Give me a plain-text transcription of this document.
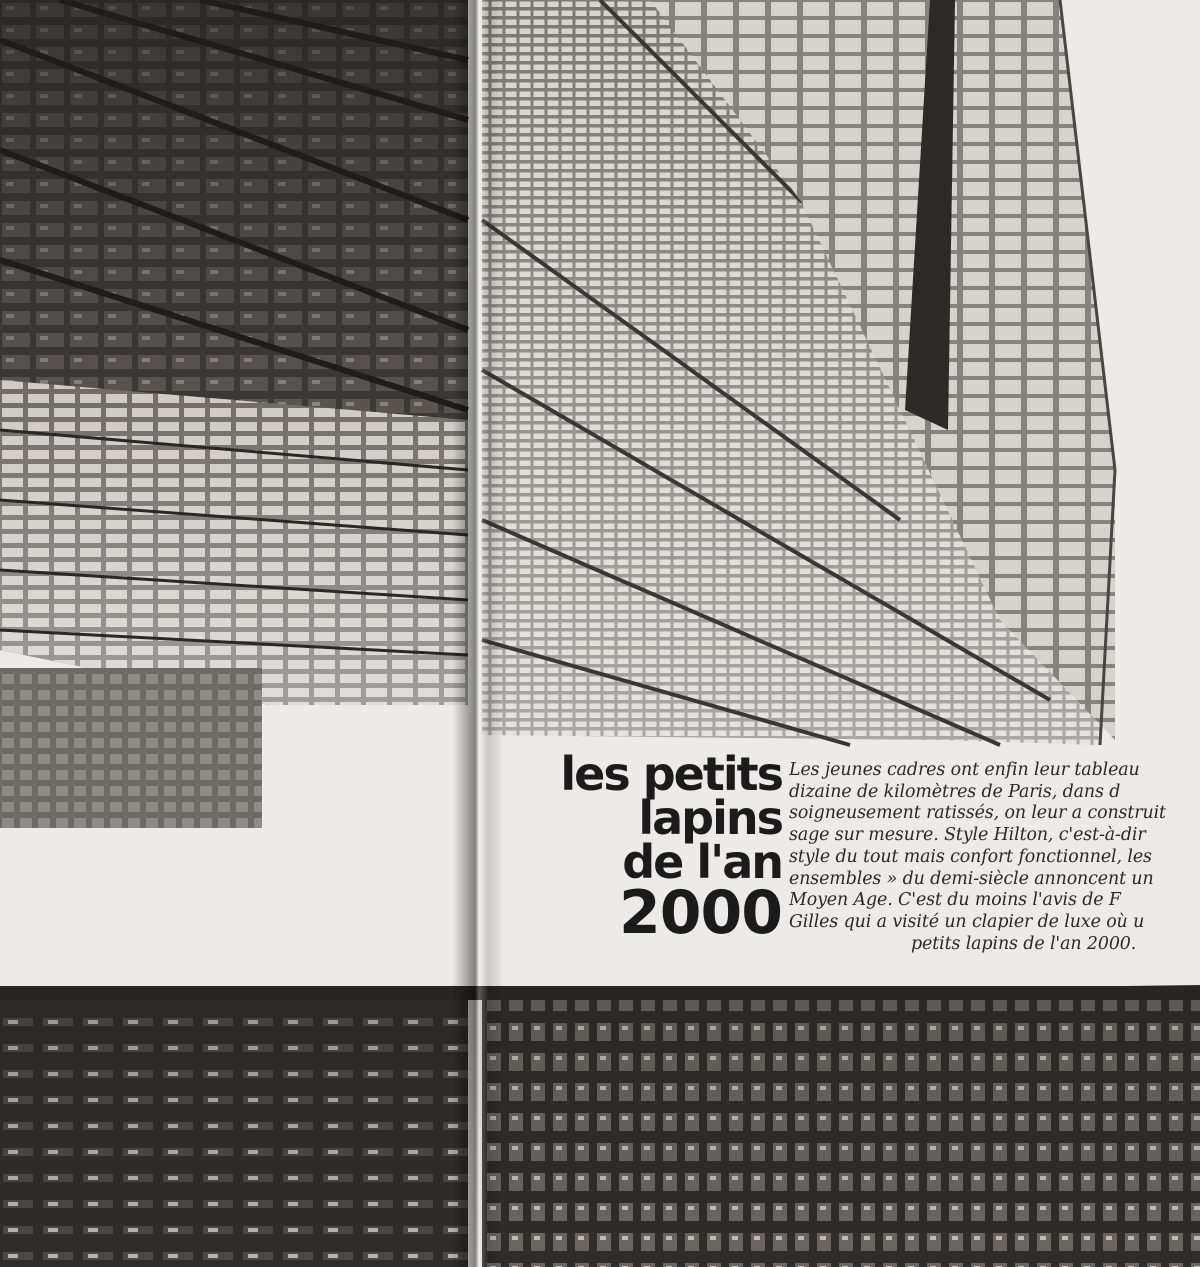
les petits
lapins
de l'an
2000
Les jeunes cadres ont enfin leur tableau
dizaine de kilomètres de Paris, dans d
soigneusement ratissés, on leur a construit
sage sur mesure. Style Hilton, c'est-à-dir
style du tout mais confort fonctionnel, les
ensembles » du demi-siècle annoncent un
Moyen Age. C'est du moins l'avis de F
Gilles qui a visité un clapier de luxe où u
petits lapins de l'an 2000.
